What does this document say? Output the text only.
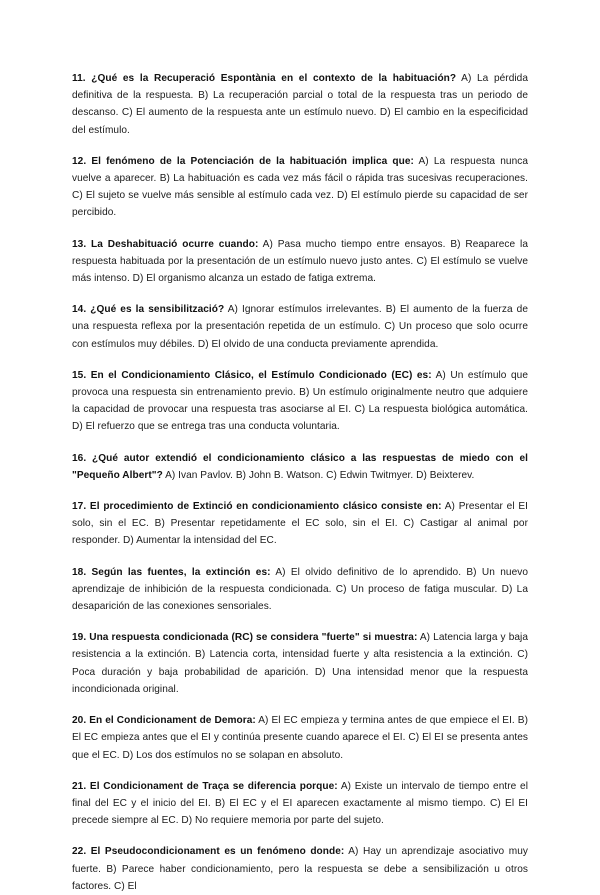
11. ¿Qué es la Recuperació Espontània en el contexto de la habituación? A) La pérdida definitiva de la respuesta. B) La recuperación parcial o total de la respuesta tras un periodo de descanso. C) El aumento de la respuesta ante un estímulo nuevo. D) El cambio en la especificidad del estímulo.

12. El fenómeno de la Potenciación de la habituación implica que: A) La respuesta nunca vuelve a aparecer. B) La habituación es cada vez más fácil o rápida tras sucesivas recuperaciones. C) El sujeto se vuelve más sensible al estímulo cada vez. D) El estímulo pierde su capacidad de ser percibido.

13. La Deshabituació ocurre cuando: A) Pasa mucho tiempo entre ensayos. B) Reaparece la respuesta habituada por la presentación de un estímulo nuevo justo antes. C) El estímulo se vuelve más intenso. D) El organismo alcanza un estado de fatiga extrema.

14. ¿Qué es la sensibilització? A) Ignorar estímulos irrelevantes. B) El aumento de la fuerza de una respuesta reflexa por la presentación repetida de un estímulo. C) Un proceso que solo ocurre con estímulos muy débiles. D) El olvido de una conducta previamente aprendida.

15. En el Condicionamiento Clásico, el Estímulo Condicionado (EC) es: A) Un estímulo que provoca una respuesta sin entrenamiento previo. B) Un estímulo originalmente neutro que adquiere la capacidad de provocar una respuesta tras asociarse al EI. C) La respuesta biológica automática. D) El refuerzo que se entrega tras una conducta voluntaria.

16. ¿Qué autor extendió el condicionamiento clásico a las respuestas de miedo con el "Pequeño Albert"? A) Ivan Pavlov. B) John B. Watson. C) Edwin Twitmyer. D) Beixterev.

17. El procedimiento de Extinció en condicionamiento clásico consiste en: A) Presentar el EI solo, sin el EC. B) Presentar repetidamente el EC solo, sin el EI. C) Castigar al animal por responder. D) Aumentar la intensidad del EC.

18. Según las fuentes, la extinción es: A) El olvido definitivo de lo aprendido. B) Un nuevo aprendizaje de inhibición de la respuesta condicionada. C) Un proceso de fatiga muscular. D) La desaparición de las conexiones sensoriales.

19. Una respuesta condicionada (RC) se considera "fuerte" si muestra: A) Latencia larga y baja resistencia a la extinción. B) Latencia corta, intensidad fuerte y alta resistencia a la extinción. C) Poca duración y baja probabilidad de aparición. D) Una intensidad menor que la respuesta incondicionada original.

20. En el Condicionament de Demora: A) El EC empieza y termina antes de que empiece el EI. B) El EC empieza antes que el EI y continúa presente cuando aparece el EI. C) El EI se presenta antes que el EC. D) Los dos estímulos no se solapan en absoluto.

21. El Condicionament de Traça se diferencia porque: A) Existe un intervalo de tiempo entre el final del EC y el inicio del EI. B) El EC y el EI aparecen exactamente al mismo tiempo. C) El EI precede siempre al EC. D) No requiere memoria por parte del sujeto.

22. El Pseudocondicionament es un fenómeno donde: A) Hay un aprendizaje asociativo muy fuerte. B) Parece haber condicionamiento, pero la respuesta se debe a sensibilización u otros factores. C) El
